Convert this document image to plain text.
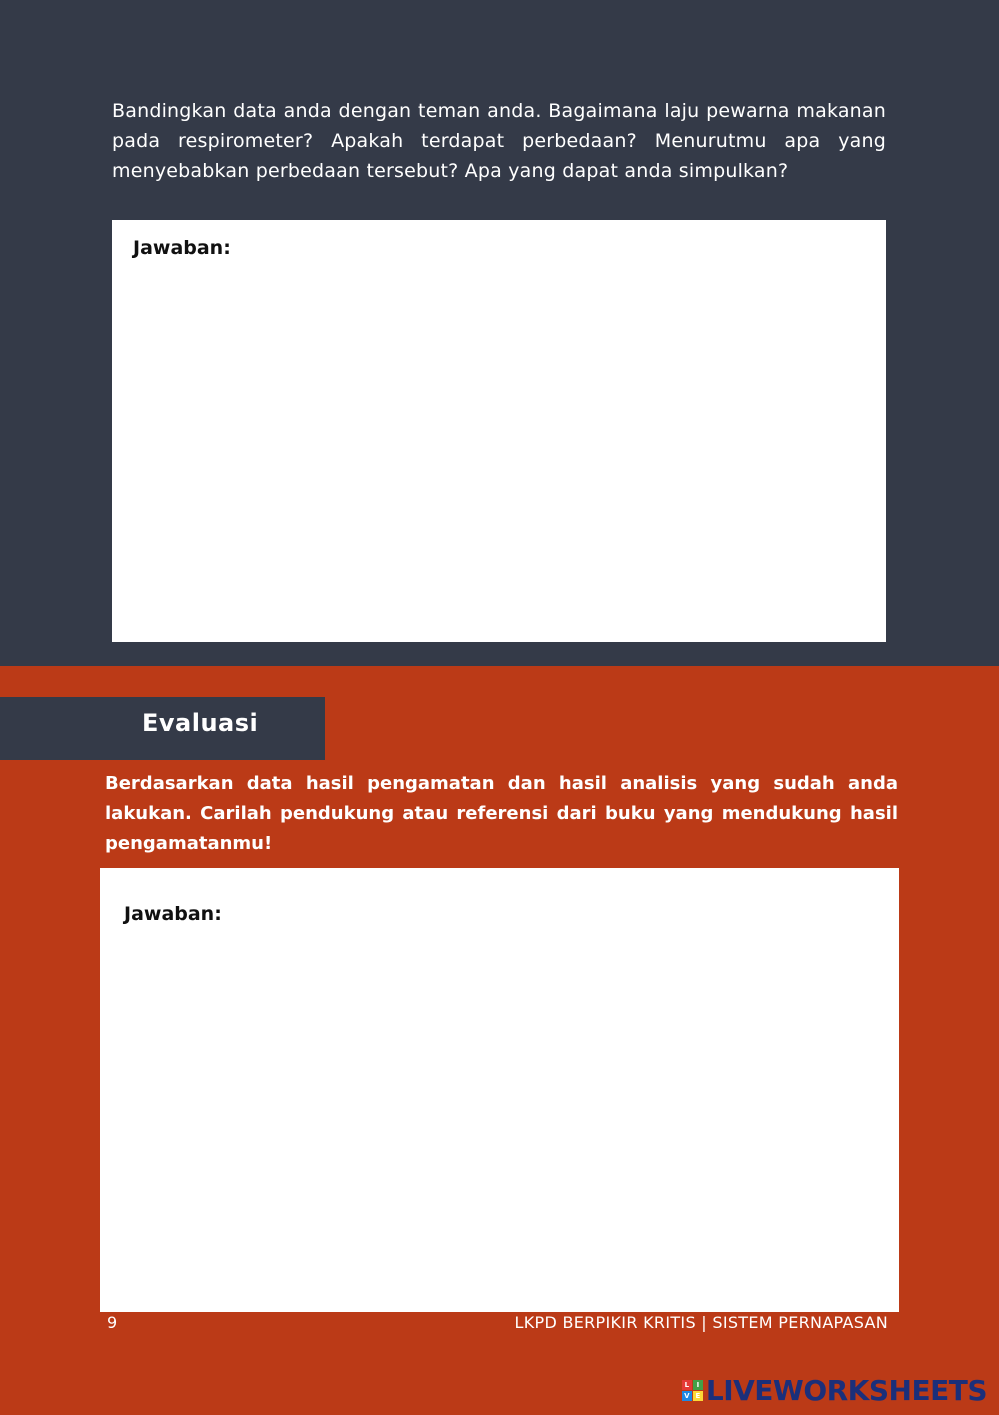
Bandingkan data anda dengan teman anda. Bagaimana laju pewarna makanan pada respirometer? Apakah terdapat perbedaan? Menurutmu apa yang menyebabkan perbedaan tersebut? Apa yang dapat anda simpulkan?

Jawaban:
Evaluasi

Berdasarkan data hasil pengamatan dan hasil analisis yang sudah anda lakukan. Carilah pendukung atau referensi dari buku yang mendukung hasil pengamatanmu!

Jawaban:
9	LKPD BERPIKIR KRITIS | SISTEM PERNAPASAN
L	I
V E LIVEWORKSHEETS
